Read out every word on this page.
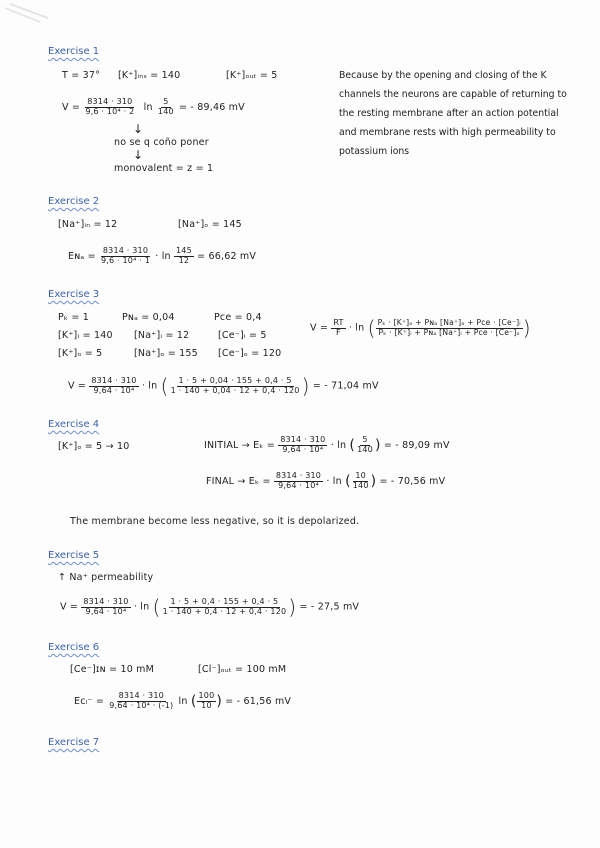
Exercise 1
T = 37° [K⁺]ᵢₙₛ = 140	[K⁺]ₒᵤₜ = 5
$V = \frac{8314 \cdot 310}{\text{9,6 · 10⁴ · 2}}$ $\ln \frac{5}{140}$ = - 89,46 mV
↓
no se q coño poner
↓
monovalent = z = 1
Because by the opening and closing of the K channels the neurons are capable of returning to the resting membrane after an action potential and membrane rests with high permeability to potassium ions
Exercise 2
[Na⁺]ᵢₙ = 12	[Na⁺]ₒ = 145
Eɴₐ = $\frac{8314 \cdot 310}{\text{9,6 · 10⁴ · 1}} \cdot \ln \frac{145}{12} = 66,62$ mV
Exercise 3
Pₖ = 1	Pɴₐ = 0,04	Pce = 0,4
[K⁺]ᵢ = 140 [Na⁺]ᵢ = 12	[Ce⁻]ᵢ = 5
[K⁺]ₒ = 5	[Na⁺]ₒ = 155 [Ce⁻]ₒ = 120
$V = \frac{RT}{F} \cdot \ln$ ( $\frac{\text{Pₖ · [K⁺]ₒ + Pɴₐ [Na⁺]ₒ + Pce · [Ce⁻]ᵢ}}{\text{Pₖ · [K⁺]ᵢ + Pɴₐ [Na⁺]ᵢ + Pce · [Ce⁻]ₒ}}$ )
$V = \frac{8314 \cdot 310}{\text{9,64 · 10⁴}} \cdot \ln$ ( $\frac{1 \cdot 5 + 0,04 \cdot 155 + 0,4 \cdot 5}{1 \cdot 140 + 0,04 \cdot 12 + 0,4 \cdot 120}$ ) = - 71,04 mV
Exercise 4
[K⁺]ₒ = 5 → 10	INITIAL → $E_k = \frac{8314 \cdot 310}{\text{9,64 · 10⁴}} \cdot \ln$ ( $\frac{5}{140}$ ) = - 89,09 mV
FINAL → $E_k = \frac{8314 \cdot 310}{\text{9,64 · 10⁴}} \cdot \ln$ ( $\frac{10}{140}$ ) = - 70,56 mV
The membrane become less negative, so it is depolarized.
Exercise 5
↑ Na⁺ permeability
$V = \frac{8314 \cdot 310}{\text{9,64 · 10⁴}} \cdot \ln$ ( $\frac{1 \cdot 5 + 0,4 \cdot 155 + 0,4 \cdot 5}{1 \cdot 140 + 0,4 \cdot 12 + 0,4 \cdot 120}$ ) = - 27,5 mV
Exercise 6
[Ce⁻]ɪɴ = 10 mM	[Cl⁻]ₒᵤₜ = 100 mM
Eᴄₗ⁻ = $\frac{8314 \cdot 310}{\text{9,64 · 10⁴ · (-1)}}$ ln ( $\frac{100}{10}$ ) = - 61,56 mV
Exercise 7
